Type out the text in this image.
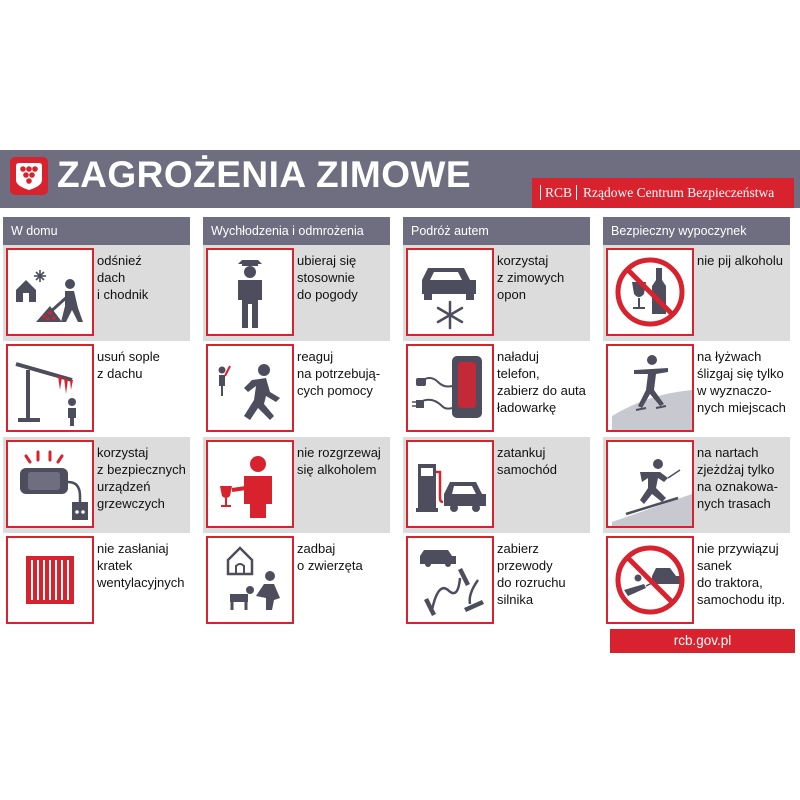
ZAGROŻENIA ZIMOWE	RCB Rządowe Centrum Bezpieczeństwa
W domu
odśnieź
dach
i chodnik
usuń sople
z dachu
korzystaj
z bezpiecznych
urządzeń
grzewczych
nie zasłaniaj
kratek
wentylacyjnych
Wychłodzenia i odmrożenia
ubieraj się
stosownie
do pogody
reaguj
na potrzebują-
cych pomocy
nie rozgrzewaj
się alkoholem
zadbaj
o zwierzęta
Podróż autem
korzystaj
z zimowych
opon
naładuj
telefon,
zabierz do auta
ładowarkę
zatankuj
samochód
zabierz
przewody
do rozruchu
silnika
Bezpieczny wypoczynek
nie pij alkoholu
na łyżwach
ślizgaj się tylko
w wyznaczo-
nych miejscach
na nartach
zjeżdżaj tylko
na oznakowa-
nych trasach
nie przywiązuj
sanek
do traktora,
samochodu itp.
rcb.gov.pl
